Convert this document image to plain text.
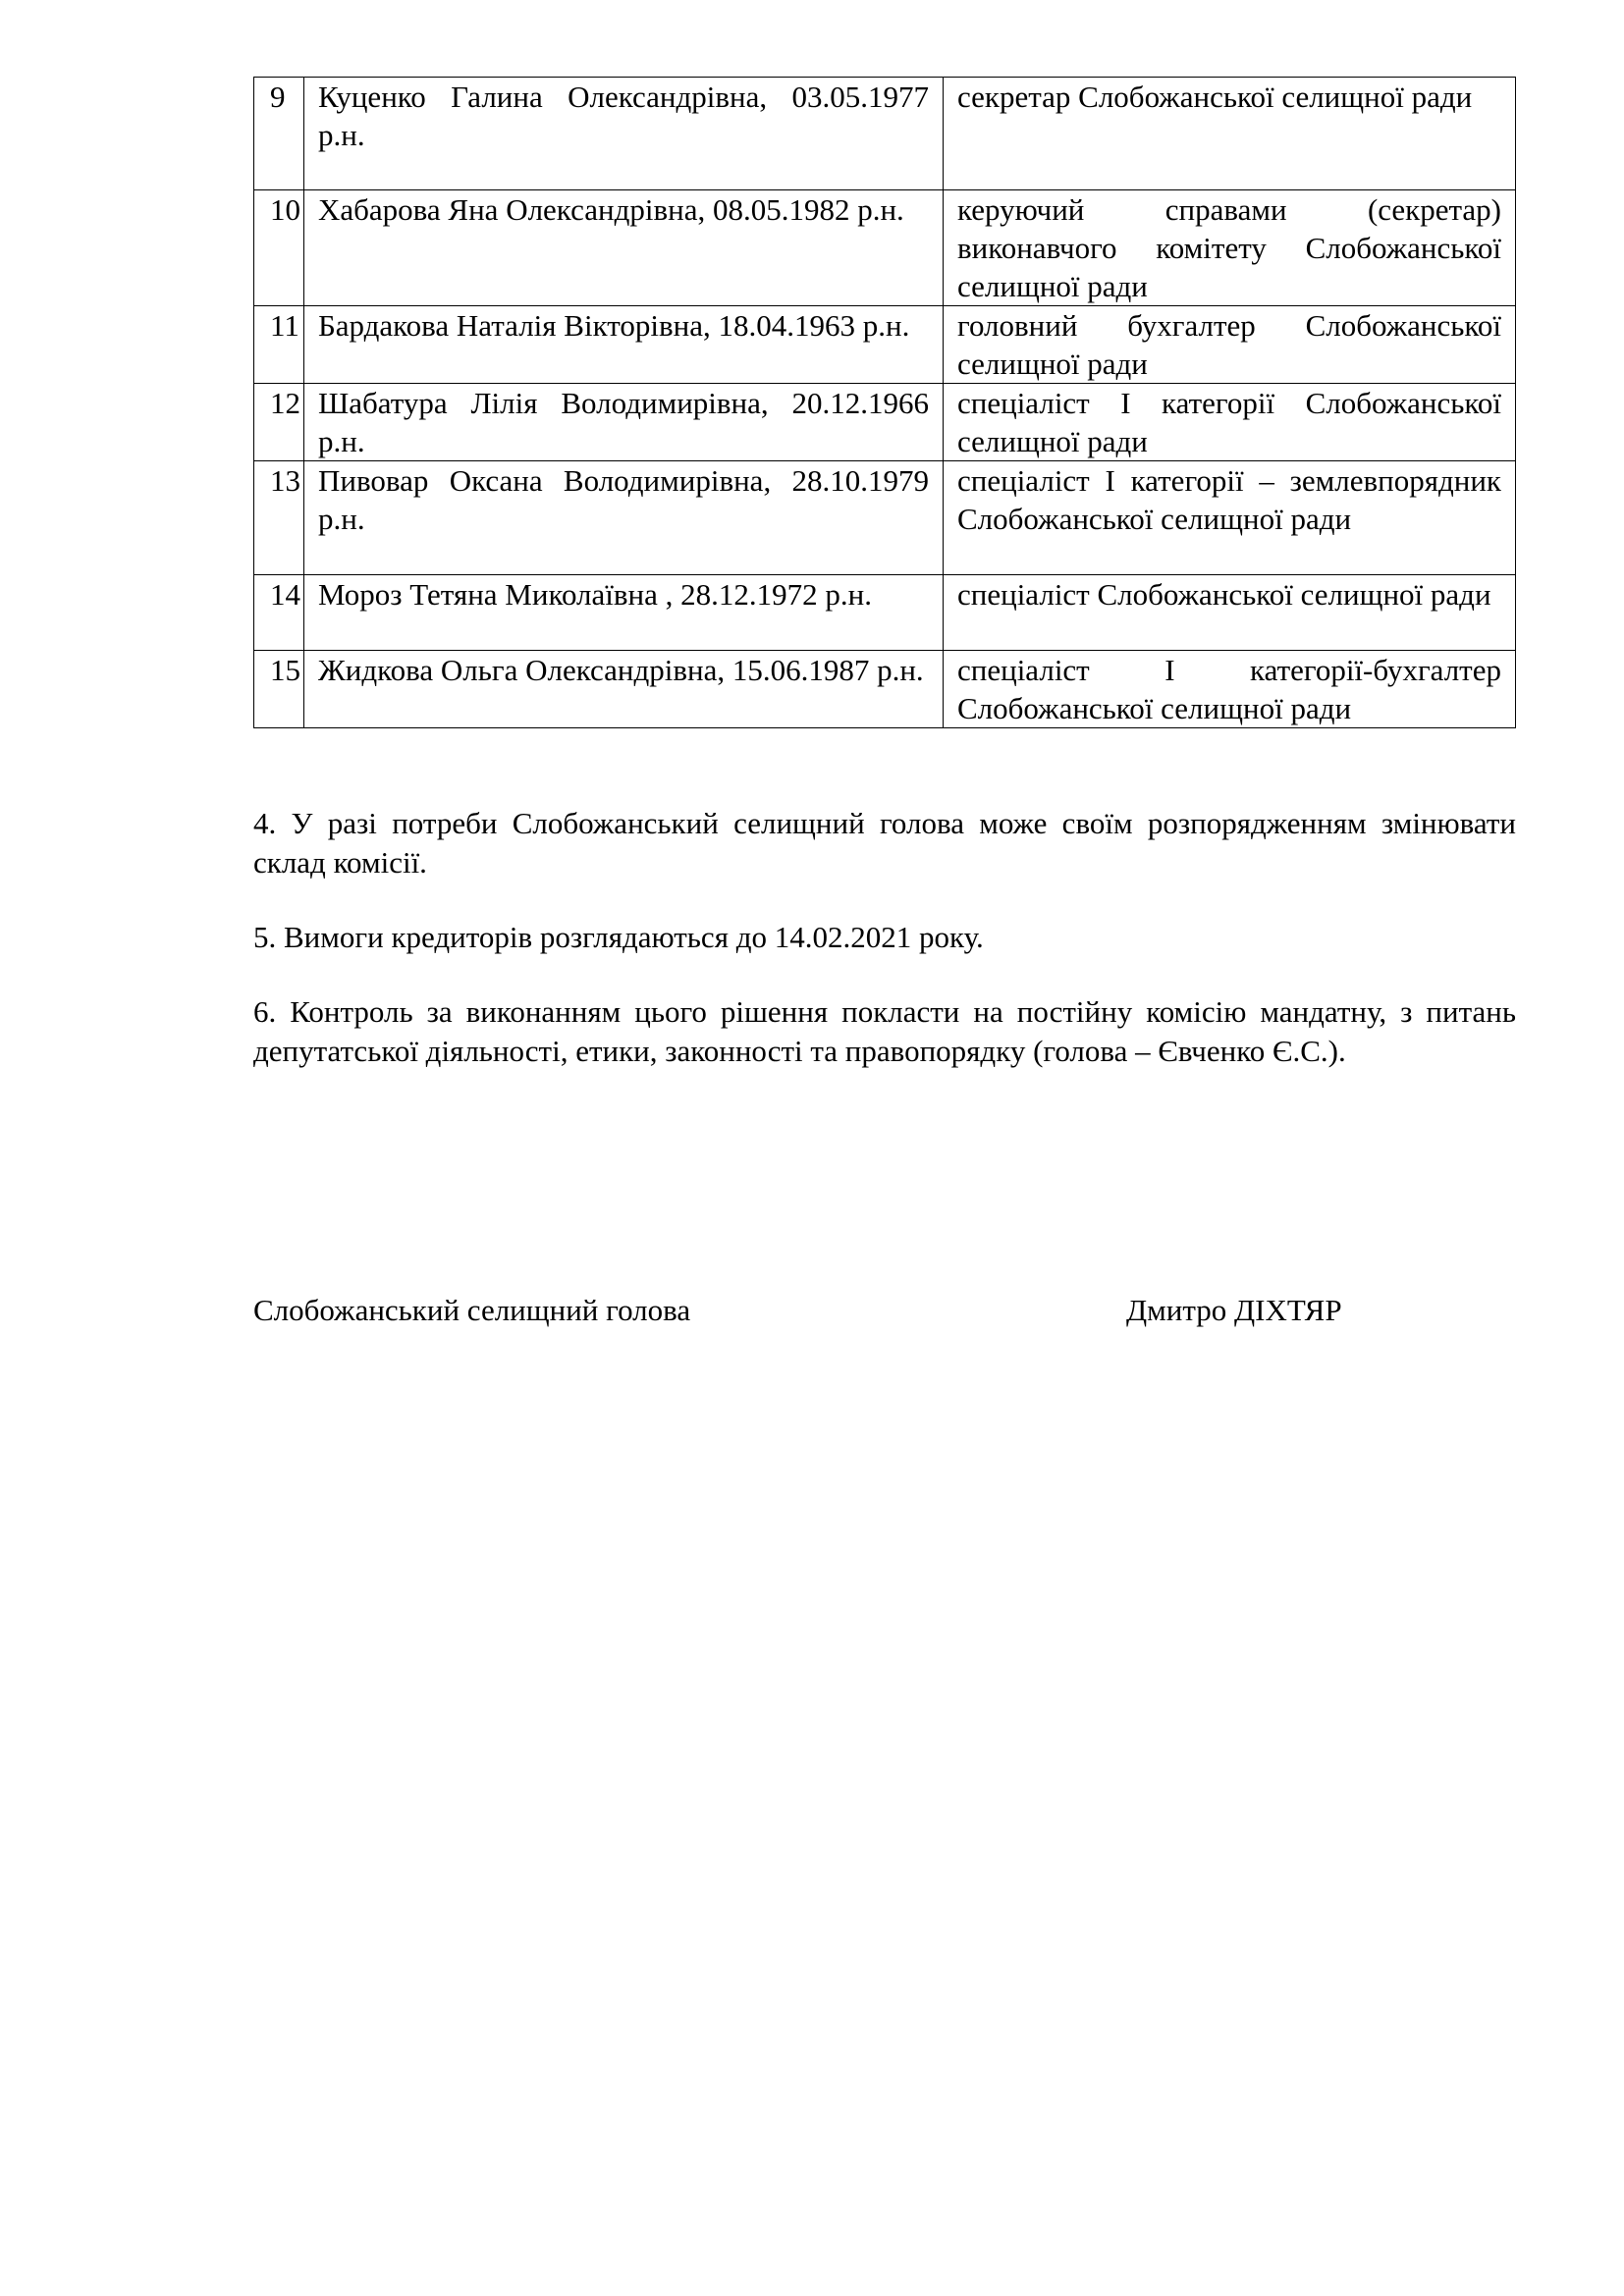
9	Куценко Галина Олександрівна, 03.05.1977 р.н.	секретар Слобожанської селищної ради
10	Хабарова Яна Олександрівна, 08.05.1982 р.н.	керуючий справами (секретар) виконавчого комітету Слобожанської селищної ради
11	Бардакова Наталія Вікторівна, 18.04.1963 р.н.	головний бухгалтер Слобожанської селищної ради
12	Шабатура Лілія Володимирівна, 20.12.1966 р.н.	спеціаліст І категорії Слобожанської селищної ради
13	Пивовар Оксана Володимирівна, 28.10.1979 р.н.	спеціаліст І категорії – землевпорядник Слобожанської селищної ради
14	Мороз Тетяна Миколаївна , 28.12.1972 р.н.	спеціаліст Слобожанської селищної ради
15	Жидкова Ольга Олександрівна, 15.06.1987 р.н.	спеціаліст І категорії-бухгалтер Слобожанської селищної ради

4. У разі потреби Слобожанський селищний голова може своїм розпорядженням змінювати склад комісії.

5. Вимоги кредиторів розглядаються до 14.02.2021 року.

6. Контроль за виконанням цього рішення покласти на постійну комісію мандатну, з питань депутатської діяльності, етики, законності та правопорядку (голова – Євченко Є.С.).

Слобожанський селищний голова	Дмитро ДІХТЯР
